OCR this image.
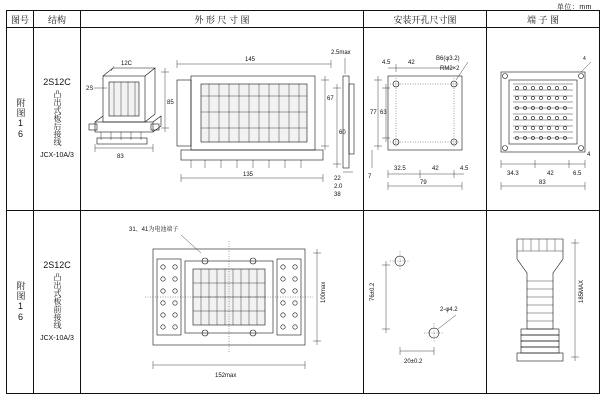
单位：mm
图号	结构	外 形 尺 寸 图	安装开孔尺寸图	端 子 图

附图16

2S12C
凸出式板后接线
JCX-10A/3

12C
2S
85
83
145
67
60
135
2.5max
22
2.0
38

4.5	42
B6(φ3.2)
RM2×2
77 63
7
32.5	42	4.5
79

34.3	42	6.5
83
4
4

附图16

2S12C
凸出式板前接线
JCX-10A/3

31、41为电池端子
100max
152max

76±0.2
2-φ4.2
20±0.2

185MAX
